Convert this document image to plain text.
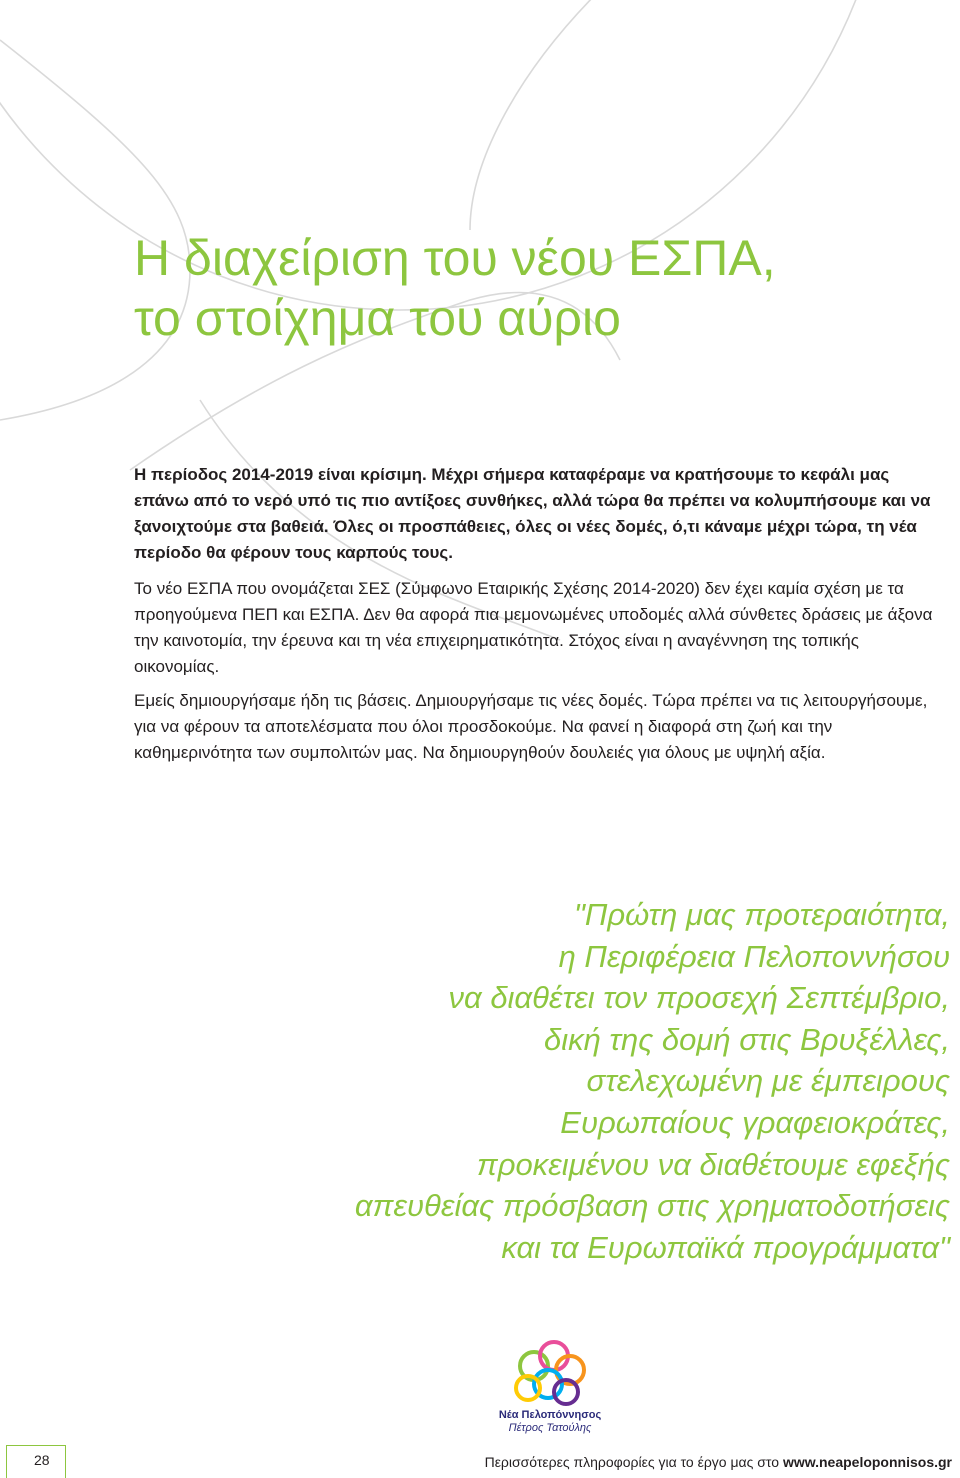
Η διαχείριση του νέου ΕΣΠΑ,
το στοίχημα του αύριο

Η περίοδος 2014-2019 είναι κρίσιμη. Μέχρι σήμερα καταφέραμε να κρατήσουμε το κεφάλι μας επάνω από το νερό υπό τις πιο αντίξοες συνθήκες, αλλά τώρα θα πρέπει να κολυμπήσουμε και να ξανοιχτούμε στα βαθειά. Όλες οι προσπάθειες, όλες οι νέες δομές, ό,τι κάναμε μέχρι τώρα, τη νέα περίοδο θα φέρουν τους καρπούς τους.

Το νέο ΕΣΠΑ που ονομάζεται ΣΕΣ (Σύμφωνο Εταιρικής Σχέσης 2014-2020) δεν έχει καμία σχέση με τα προηγούμενα ΠΕΠ και ΕΣΠΑ. Δεν θα αφορά πια μεμονωμένες υποδομές αλλά σύνθετες δράσεις με άξονα την καινοτομία, την έρευνα και τη νέα επιχειρηματικότητα. Στόχος είναι η αναγέννηση της τοπικής οικονομίας.

Εμείς δημιουργήσαμε ήδη τις βάσεις. Δημιουργήσαμε τις νέες δομές. Τώρα πρέπει να τις λειτουργήσουμε, για να φέρουν τα αποτελέσματα που όλοι προσδοκούμε. Να φανεί η διαφορά στη ζωή και την καθημερινότητα των συμπολιτών μας. Να δημιουργηθούν δουλειές για όλους με υψηλή αξία.

"Πρώτη μας προτεραιότητα,
η Περιφέρεια Πελοποννήσου
να διαθέτει τον προσεχή Σεπτέμβριο,
δική της δομή στις Βρυξέλλες,
στελεχωμένη με έμπειρους
Ευρωπαίους γραφειοκράτες,
προκειμένου να διαθέτουμε εφεξής
απευθείας πρόσβαση στις χρηματοδοτήσεις
και τα Ευρωπαϊκά προγράμματα"
Νέα Πελοπόννησος
Πέτρος Τατούλης
28	Περισσότερες πληροφορίες για το έργο μας στο www.neapeloponnisos.gr
